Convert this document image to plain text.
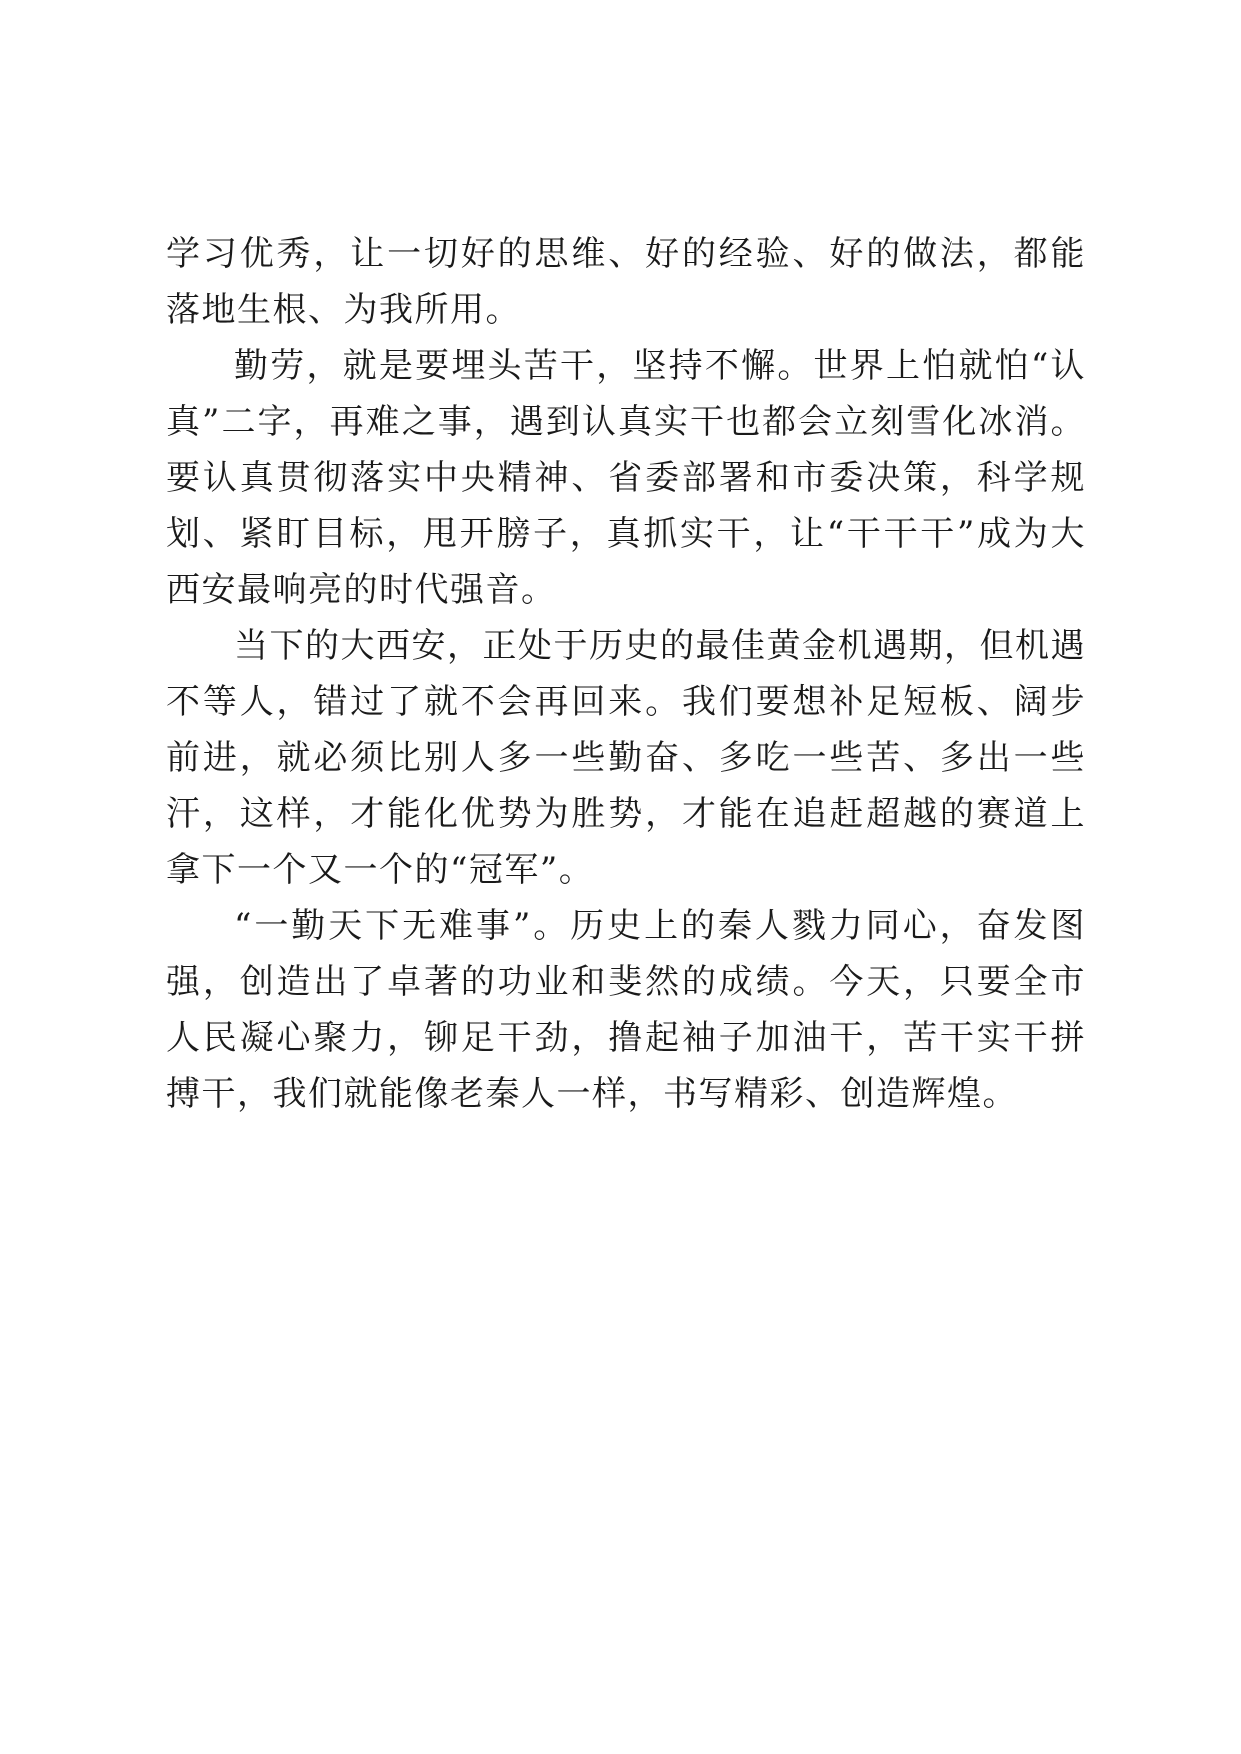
学习优秀，让一切好的思维、好的经验、好的做法，都能落地生根、为我所用。

勤劳，就是要埋头苦干，坚持不懈。世界上怕就怕“认真”二字，再难之事，遇到认真实干也都会立刻雪化冰消。要认真贯彻落实中央精神、省委部署和市委决策，科学规划、紧盯目标，甩开膀子，真抓实干，让“干干干”成为大西安最响亮的时代强音。

当下的大西安，正处于历史的最佳黄金机遇期，但机遇不等人，错过了就不会再回来。我们要想补足短板、阔步前进，就必须比别人多一些勤奋、多吃一些苦、多出一些汗，这样，才能化优势为胜势，才能在追赶超越的赛道上拿下一个又一个的“冠军”。

“一勤天下无难事”。历史上的秦人戮力同心，奋发图强，创造出了卓著的功业和斐然的成绩。今天，只要全市人民凝心聚力，铆足干劲，撸起袖子加油干，苦干实干拼搏干，我们就能像老秦人一样，书写精彩、创造辉煌。
